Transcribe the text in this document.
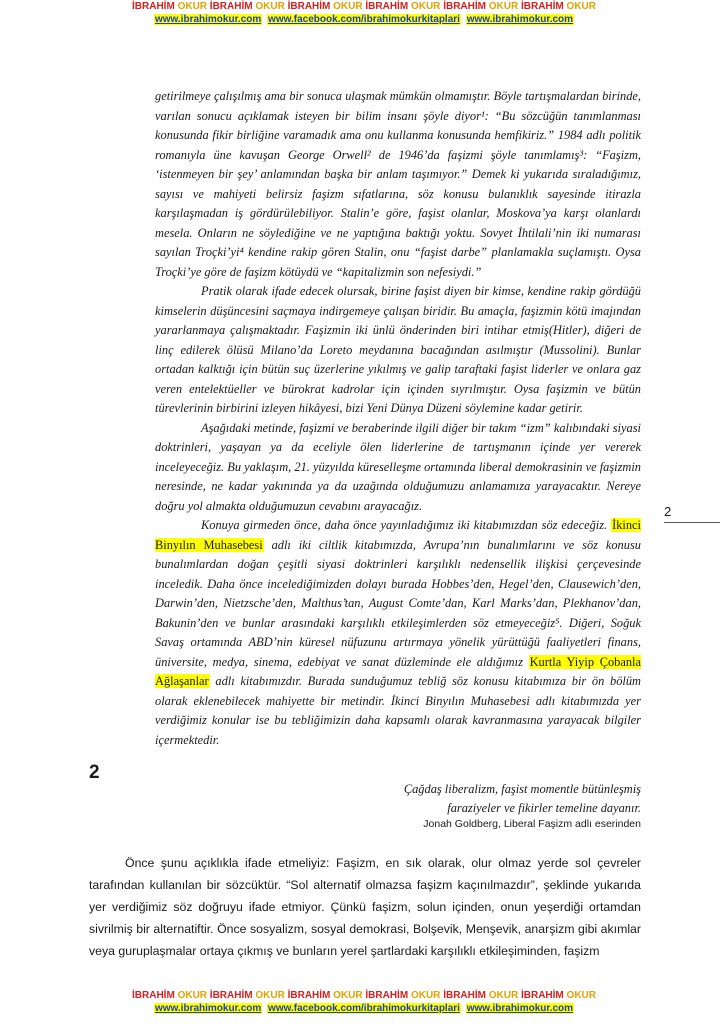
İBRAHİM OKUR İBRAHİM OKUR İBRAHİM OKUR İBRAHİM OKUR İBRAHİM OKUR İBRAHİM OKUR
www.ibrahimokur.com www.facebook.com/ibrahimokurkitaplari www.ibrahimokur.com

getirilmeye çalışılmış ama bir sonuca ulaşmak mümkün olmamıştır. Böyle tartışmalardan birinde, varılan sonucu açıklamak isteyen bir bilim insanı şöyle diyor¹: “Bu sözcüğün tanımlanması konusunda fikir birliğine varamadık ama onu kullanma konusunda hemfikiriz.” 1984 adlı politik romanıyla üne kavuşan George Orwell² de 1946’da faşizmi şöyle tanımlamış³: “Faşizm, ‘istenmeyen bir şey’ anlamından başka bir anlam taşımıyor.” Demek ki yukarıda sıraladığımız, sayısı ve mahiyeti belirsiz faşizm sıfatlarına, söz konusu bulanıklık sayesinde itirazla karşılaşmadan iş gördürülebiliyor. Stalin’e göre, faşist olanlar, Moskova’ya karşı olanlardı mesela. Onların ne söylediğine ve ne yaptığına baktığı yoktu. Sovyet İhtilali’nin iki numarası sayılan Troçki’yi⁴ kendine rakip gören Stalin, onu “faşist darbe” planlamakla suçlamıştı. Oysa Troçki’ye göre de faşizm kötüydü ve “kapitalizmin son nefesiydi.”

Pratik olarak ifade edecek olursak, birine faşist diyen bir kimse, kendine rakip gördüğü kimselerin düşüncesini saçmaya indirgemeye çalışan biridir. Bu amaçla, faşizmin kötü imajından yararlanmaya çalışmaktadır. Faşizmin iki ünlü önderinden biri intihar etmiş(Hitler), diğeri de linç edilerek ölüsü Milano’da Loreto meydanına bacağından asılmıştır (Mussolini). Bunlar ortadan kalktığı için bütün suç üzerlerine yıkılmış ve galip taraftaki faşist liderler ve onlara gaz veren entelektüeller ve bürokrat kadrolar için içinden sıyrılmıştır. Oysa faşizmin ve bütün türevlerinin birbirini izleyen hikâyesi, bizi Yeni Dünya Düzeni söylemine kadar getirir.

Aşağıdaki metinde, faşizmi ve beraberinde ilgili diğer bir takım “izm” kalıbındaki siyasi doktrinleri, yaşayan ya da eceliyle ölen liderlerine de tartışmanın içinde yer vererek inceleyeceğiz. Bu yaklaşım, 21. yüzyılda küreselleşme ortamında liberal demokrasinin ve faşizmin neresinde, ne kadar yakınında ya da uzağında olduğumuzu anlamamıza yarayacaktır. Nereye doğru yol almakta olduğumuzun cevabını arayacağız.

Konuya girmeden önce, daha önce yayınladığımız iki kitabımızdan söz edeceğiz. İkinci Binyılın Muhasebesi adlı iki ciltlik kitabımızda, Avrupa’nın bunalımlarını ve söz konusu bunalımlardan doğan çeşitli siyasi doktrinleri karşılıklı nedensellik ilişkisi çerçevesinde inceledik. Daha önce incelediğimizden dolayı burada Hobbes’den, Hegel’den, Clausewich’den, Darwin’den, Nietzsche’den, Malthus’tan, August Comte’dan, Karl Marks’dan, Plekhanov’dan, Bakunin’den ve bunlar arasındaki karşılıklı etkileşimlerden söz etmeyeceğiz⁵. Diğeri, Soğuk Savaş ortamında ABD’nin küresel nüfuzunu artırmaya yönelik yürüttüğü faaliyetleri finans, üniversite, medya, sinema, edebiyat ve sanat düzleminde ele aldığımız Kurtla Yiyip Çobanla Ağlaşanlar adlı kitabımızdır. Burada sunduğumuz tebliğ söz konusu kitabımıza bir ön bölüm olarak eklenebilecek mahiyette bir metindir. İkinci Binyılın Muhasebesi adlı kitabımızda yer verdiğimiz konular ise bu tebliğimizin daha kapsamlı olarak kavranmasına yarayacak bilgiler içermektedir.

2
2
Çağdaş liberalizm, faşist momentle bütünleşmiş
faraziyeler ve fikirler temeline dayanır.
Jonah Goldberg, Liberal Faşizm adlı eserinden

Önce şunu açıklıkla ifade etmeliyiz: Faşizm, en sık olarak, olur olmaz yerde sol çevreler tarafından kullanılan bir sözcüktür. “Sol alternatif olmazsa faşizm kaçınılmazdır”, şeklinde yukarıda yer verdiğimiz söz doğruyu ifade etmiyor. Çünkü faşizm, solun içinden, onun yeşerdiği ortamdan sivrilmiş bir alternatiftir. Önce sosyalizm, sosyal demokrasi, Bolşevik, Menşevik, anarşizm gibi akımlar veya guruplaşmalar ortaya çıkmış ve bunların yerel şartlardaki karşılıklı etkileşiminden, faşizm

İBRAHİM OKUR İBRAHİM OKUR İBRAHİM OKUR İBRAHİM OKUR İBRAHİM OKUR İBRAHİM OKUR
www.ibrahimokur.com www.facebook.com/ibrahimokurkitaplari www.ibrahimokur.com
